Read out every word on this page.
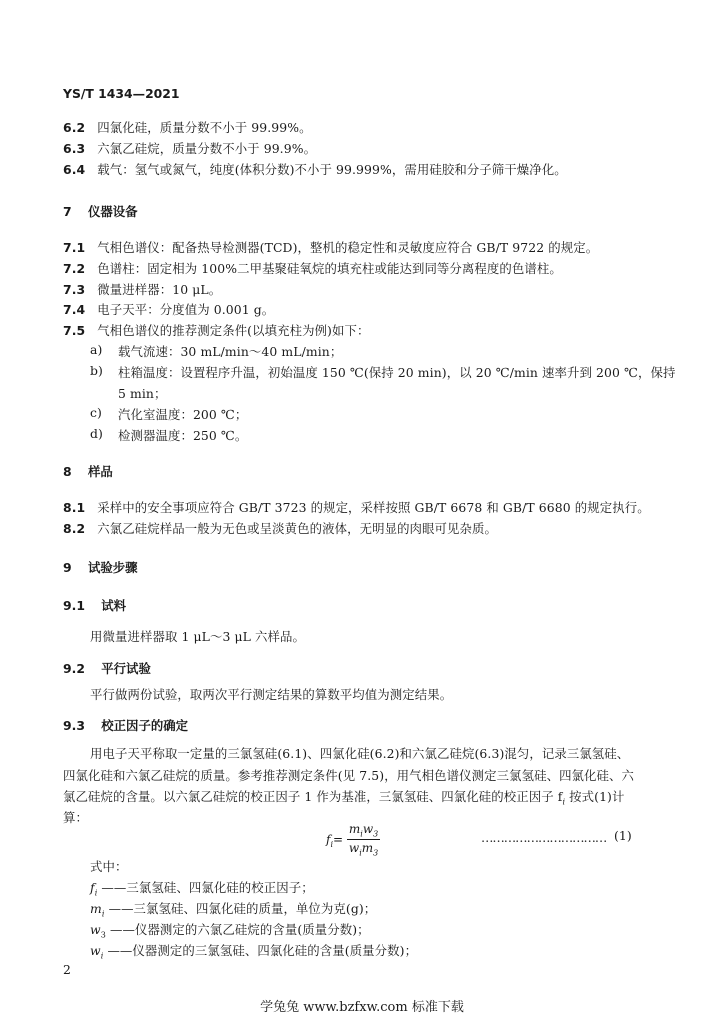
YS/T 1434—2021
6.2 四氯化硅，质量分数不小于 99.99%。
6.3 六氯乙硅烷，质量分数不小于 99.9%。
6.4 载气：氢气或氮气，纯度(体积分数)不小于 99.999%，需用硅胶和分子筛干燥净化。
7 仪器设备
7.1 气相色谱仪：配备热导检测器(TCD)，整机的稳定性和灵敏度应符合 GB/T 9722 的规定。
7.2 色谱柱：固定相为 100%二甲基聚硅氧烷的填充柱或能达到同等分离程度的色谱柱。
7.3 微量进样器：10 μL。
7.4 电子天平：分度值为 0.001 g。
7.5 气相色谱仪的推荐测定条件(以填充柱为例)如下：
a) 载气流速：30 mL/min～40 mL/min；
b) 柱箱温度：设置程序升温，初始温度 150 ℃(保持 20 min)，以 20 ℃/min 速率升到 200 ℃，保持
5 min；
c) 汽化室温度：200 ℃；
d) 检测器温度：250 ℃。
8 样品
8.1 采样中的安全事项应符合 GB/T 3723 的规定，采样按照 GB/T 6678 和 GB/T 6680 的规定执行。
8.2 六氯乙硅烷样品一般为无色或呈淡黄色的液体，无明显的肉眼可见杂质。
9 试验步骤
9.1 试料
用微量进样器取 1 μL～3 μL 六样品。
9.2 平行试验
平行做两份试验，取两次平行测定结果的算数平均值为测定结果。
9.3 校正因子的确定
用电子天平称取一定量的三氯氢硅(6.1)、四氯化硅(6.2)和六氯乙硅烷(6.3)混匀，记录三氯氢硅、
四氯化硅和六氯乙硅烷的质量。参考推荐测定条件(见 7.5)，用气相色谱仪测定三氯氢硅、四氯化硅、六
氯乙硅烷的含量。以六氯乙硅烷的校正因子 1 作为基准，三氯氢硅、四氯化硅的校正因子 $f_i$ 按式(1)计
算：
$f_i= \frac{m_iw_3}{w_im_3}$	…………………………… (1)
式中：
$f_i$ ——三氯氢硅、四氯化硅的校正因子；
$m_i$ ——三氯氢硅、四氯化硅的质量，单位为克(g)；
$w_3$ ——仪器测定的六氯乙硅烷的含量(质量分数)；
$w_i$ ——仪器测定的三氯氢硅、四氯化硅的含量(质量分数)；
2
学兔兔 www.bzfxw.com 标准下载
